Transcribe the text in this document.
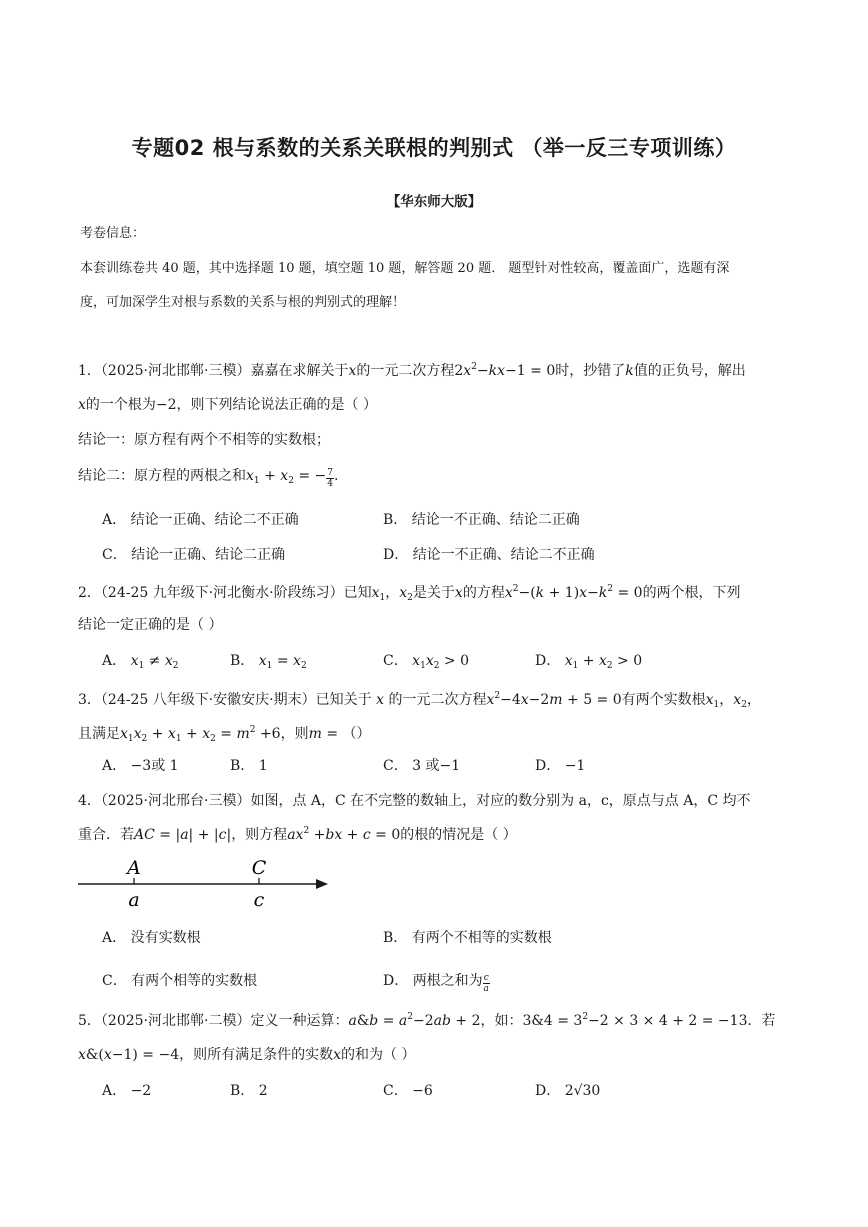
专题02 根与系数的关系关联根的判别式 （举一反三专项训练）
【华东师大版】
考卷信息：
本套训练卷共 40 题，其中选择题 10 题，填空题 10 题，解答题 20 题． 题型针对性较高，覆盖面广，选题有深
度，可加深学生对根与系数的关系与根的判别式的理解！
1．（2025·河北邯郸·三模）嘉嘉在求解关于x的一元二次方程$2x^2-kx-1 = 0$时，抄错了k值的正负号，解出
x的一个根为−2，则下列结论说法正确的是（ ）
结论一：原方程有两个不相等的实数根；
结论二：原方程的两根之和$x_1 + x_2$ = − $\frac{7}{4}$ .
A． 结论一正确、结论二不正确	B． 结论一不正确、结论二正确
C． 结论一正确、结论二正确	D． 结论一不正确、结论二不正确
2．（24-25 九年级下·河北衡水·阶段练习）已知$x_1$，$x_2$是关于x的方程$x^2-(k + 1)x-k^2 = 0$的两个根，下列
结论一定正确的是（ ）
A． $x_1 \ne x_2$	B． $x_1 = x_2$	C． $x_1x_2 > 0$	D． $x_1 + x_2 > 0$
3．（24-25 八年级下·安徽安庆·期末）已知关于 x 的一元二次方程$x^2-4x-2m + 5 = 0$有两个实数根$x_1$，$x_2$，
且满足$x_1x_2 + x_1 + x_2 = m^2 +6$，则m = （）
A． −3或 1	B． 1	C． 3 或−1	D． −1
4．（2025·河北邢台·三模）如图，点 A，C 在不完整的数轴上，对应的数分别为 a，c，原点与点 A，C 均不
重合．若AC = |a| + |c|，则方程$ax^2 +bx + c = 0$的根的情况是（ ）
A
a
C
c
A． 没有实数根	B． 有两个不相等的实数根
C． 有两个相等的实数根	D． 两根之和为 $\frac{c}{a}$
5．（2025·河北邯郸·二模）定义一种运算：a&b = $a^2-2ab + 2$，如：3&4 = $3^2-2 \times 3 \times 4 + 2 = -13$．若
x&(x−1) = −4，则所有满足条件的实数x的和为（ ）
A． −2	B． 2	C． −6	D． 2√30
